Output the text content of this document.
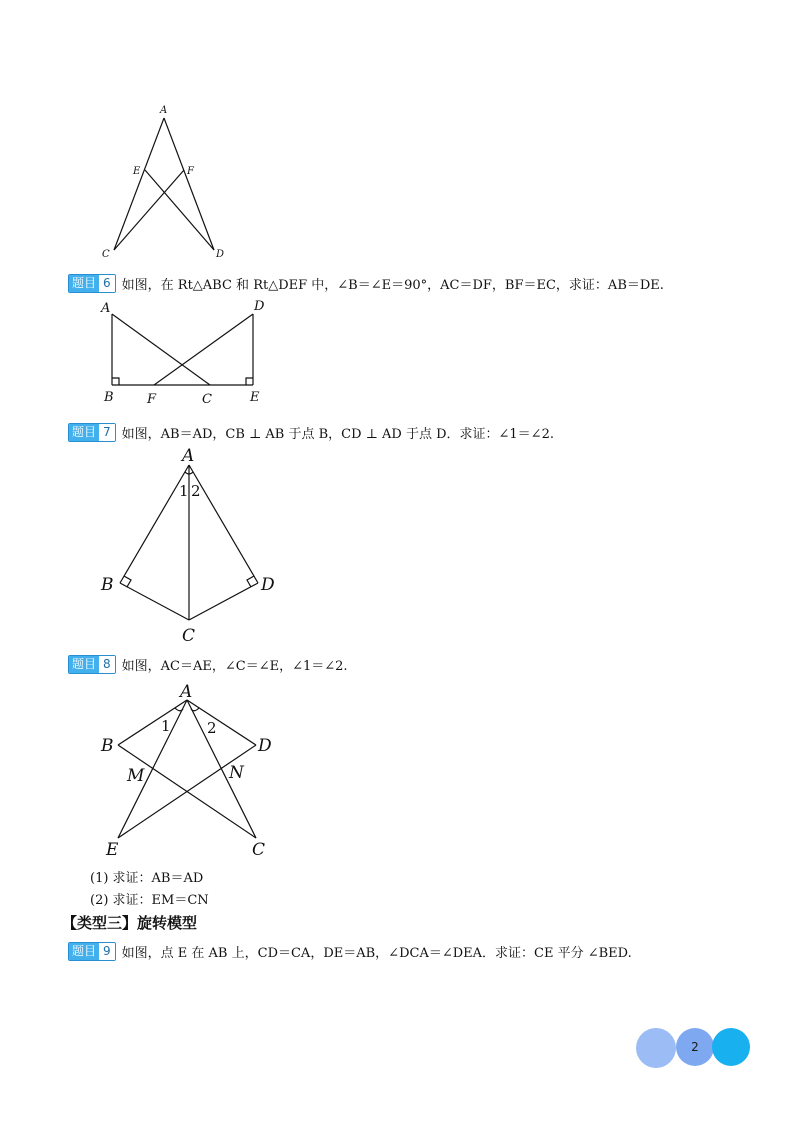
A
E	F
C	D
题目 6 如图，在 Rt△ABC 和 Rt△DEF 中，∠B＝∠E＝90°，AC＝DF，BF＝EC，求证：AB＝DE.
A	D
B	F	C	E
题目 7 如图，AB＝AD，CB ⊥ AB 于点 B，CD ⊥ AD 于点 D．求证：∠1＝∠2.
A
1 2
B	D
C
题目 8 如图，AC＝AE，∠C＝∠E，∠1＝∠2.
A
1 2
B	D
M	N
E	C
(1) 求证：AB＝AD
(2) 求证：EM＝CN
【类型三】旋转模型
题目 9 如图，点 E 在 AB 上，CD＝CA，DE＝AB，∠DCA＝∠DEA．求证：CE 平分 ∠BED.
2
